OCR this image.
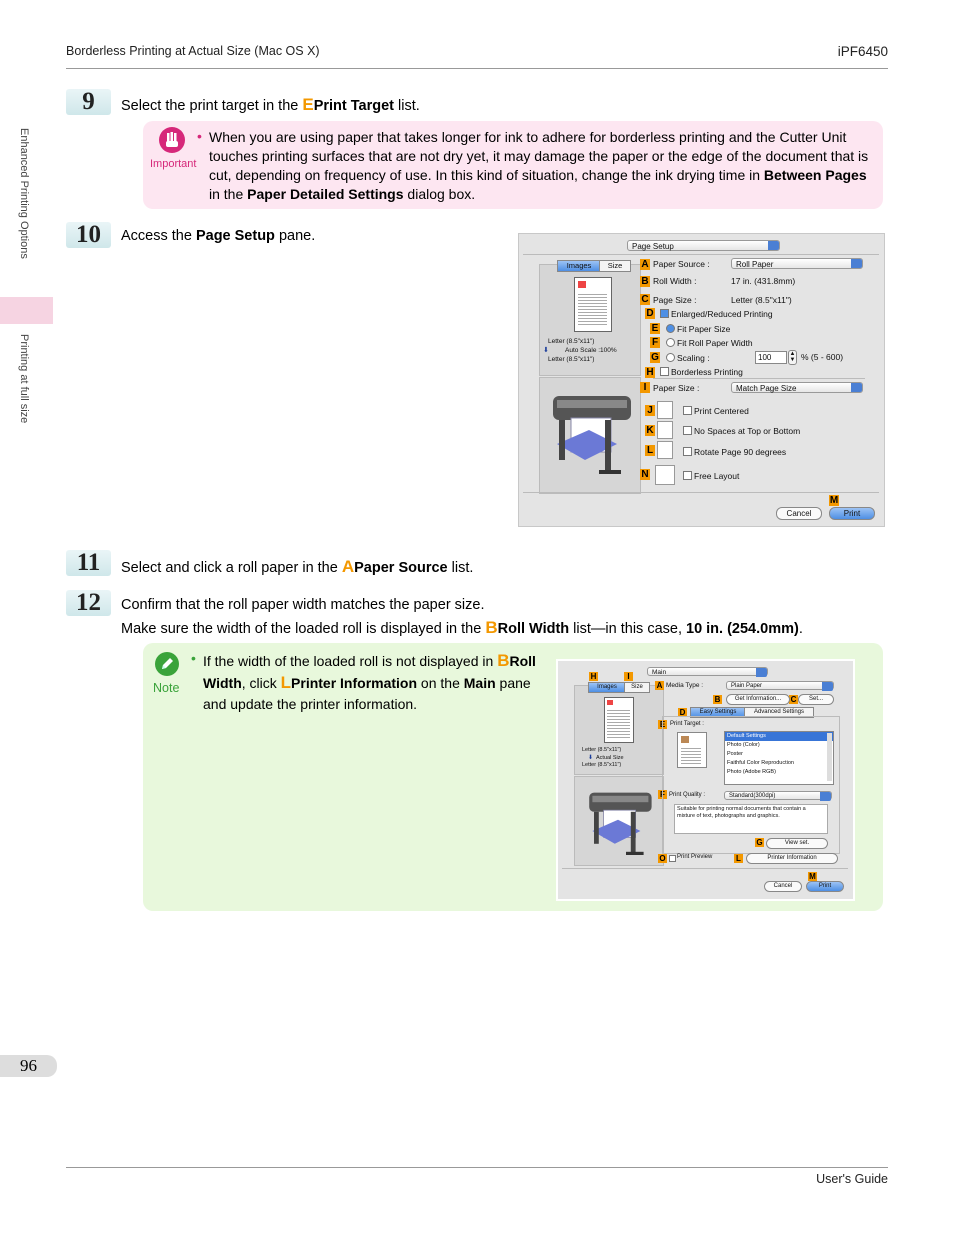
Borderless Printing at Actual Size (Mac OS X)	iPF6450
Enhanced Printing Options
Printing at full size
9	Select the print target in the EPrint Target list.
Important
• When you are using paper that takes longer for ink to adhere for borderless printing and the Cutter Unit touches printing surfaces that are not dry yet, it may damage the paper or the edge of the document that is cut, depending on frequency of use. In this kind of situation, change the ink drying time in Between Pages in the Paper Detailed Settings dialog box.
10	Access the Page Setup pane.
Page Setup
Images	Size
Letter (8.5"x11")
⬇ Auto Scale :100%
Letter (8.5"x11")
A
B
C
D
E
F
G
H
I
J
K
L
N
M
Paper Source :	Roll Paper
Roll Width :	17 in. (431.8mm)
Page Size :	Letter (8.5"x11")
Enlarged/Reduced Printing
Fit Paper Size
Fit Roll Paper Width
Scaling :	100	▲
▼ % (5 - 600)
Borderless Printing
Paper Size :	Match Page Size
Print Centered
No Spaces at Top or Bottom
Rotate Page 90 degrees
Free Layout
Cancel	Print
11	Select and click a roll paper in the APaper Source list.
12	Confirm that the roll paper width matches the paper size.
Make sure the width of the loaded roll is displayed in the BRoll Width list—in this case, 10 in. (254.0mm).
Note
• If the width of the loaded roll is not displayed in BRoll Width, click LPrinter Information on the Main pane and update the printer information.
Main
Images	Size
Letter (8.5"x11")
⬇ Actual Size
Letter (8.5"x11")
H	I
A
B	C
D
E
F
G
O	L
M
Media Type :	Plain Paper
Get Information...	Set...
Easy Settings	Advanced Settings
Print Target :
Default Settings
Photo (Color)
Poster
Faithful Color Reproduction
Photo (Adobe RGB)
Print Quality :	Standard(300dpi)
Suitable for printing normal documents that contain a mixture of text, photographs and graphics.
View set.
Print Preview	Printer Information
Cancel	Print
96
User's Guide
